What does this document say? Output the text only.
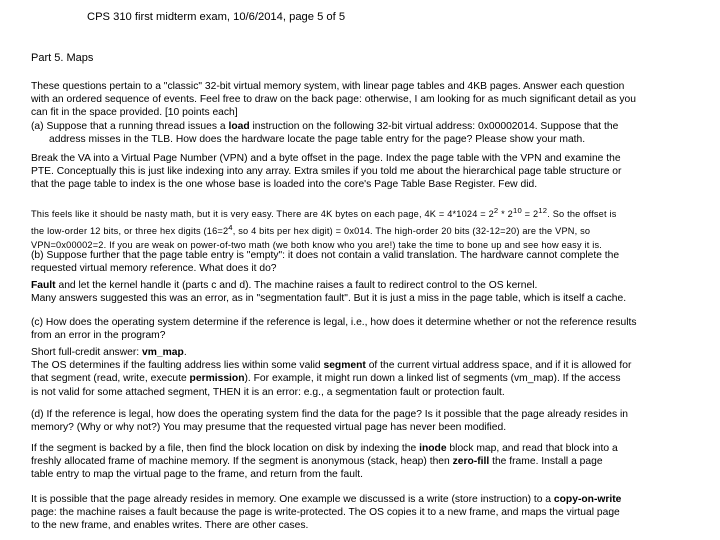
CPS 310 first midterm exam, 10/6/2014, page 5 of 5
Part 5. Maps
These questions pertain to a "classic" 32-bit virtual memory system, with linear page tables and 4KB pages. Answer each question
with an ordered sequence of events. Feel free to draw on the back page: otherwise, I am looking for as much significant detail as you
can fit in the space provided. [10 points each]
(a) Suppose that a running thread issues a load instruction on the following 32-bit virtual address: 0x00002014. Suppose that the
address misses in the TLB. How does the hardware locate the page table entry for the page? Please show your math.
Break the VA into a Virtual Page Number (VPN) and a byte offset in the page. Index the page table with the VPN and examine the
PTE. Conceptually this is just like indexing into any array. Extra smiles if you told me about the hierarchical page table structure or
that the page table to index is the one whose base is loaded into the core's Page Table Base Register. Few did.
This feels like it should be nasty math, but it is very easy. There are 4K bytes on each page, $4K = 4*1024 = 2^2 * 2^{10} = 2^{12}$. So the offset is
the low-order 12 bits, or three hex digits ($16=2^4$, so 4 bits per hex digit) = 0x014. The high-order 20 bits (32-12=20) are the VPN, so
VPN=0x00002=2. If you are weak on power-of-two math (we both know who you are!) take the time to bone up and see how easy it is.
(b) Suppose further that the page table entry is "empty": it does not contain a valid translation. The hardware cannot complete the
requested virtual memory reference. What does it do?
Fault and let the kernel handle it (parts c and d). The machine raises a fault to redirect control to the OS kernel.
Many answers suggested this was an error, as in "segmentation fault". But it is just a miss in the page table, which is itself a cache.
(c) How does the operating system determine if the reference is legal, i.e., how does it determine whether or not the reference results
from an error in the program?
Short full-credit answer: vm_map.
The OS determines if the faulting address lies within some valid segment of the current virtual address space, and if it is allowed for
that segment (read, write, execute permission). For example, it might run down a linked list of segments (vm_map). If the access
is not valid for some attached segment, THEN it is an error: e.g., a segmentation fault or protection fault.
(d) If the reference is legal, how does the operating system find the data for the page? Is it possible that the page already resides in
memory? (Why or why not?) You may presume that the requested virtual page has never been modified.
If the segment is backed by a file, then find the block location on disk by indexing the inode block map, and read that block into a
freshly allocated frame of machine memory. If the segment is anonymous (stack, heap) then zero-fill the frame. Install a page
table entry to map the virtual page to the frame, and return from the fault.
It is possible that the page already resides in memory. One example we discussed is a write (store instruction) to a copy-on-write
page: the machine raises a fault because the page is write-protected. The OS copies it to a new frame, and maps the virtual page
to the new frame, and enables writes. There are other cases.
